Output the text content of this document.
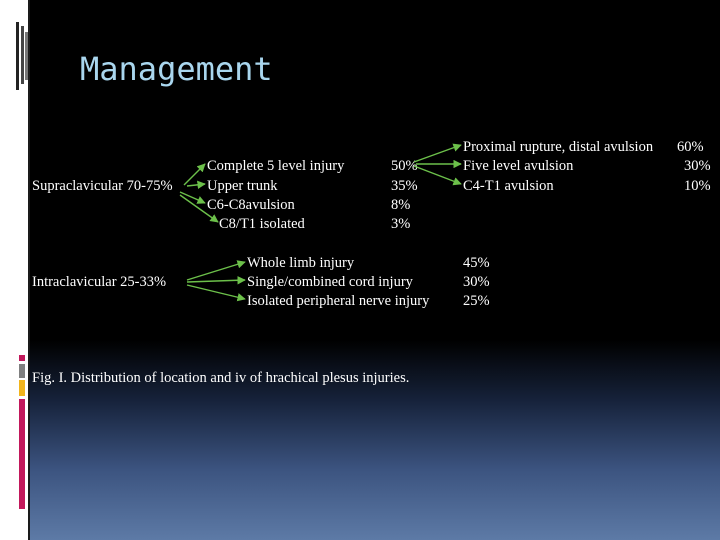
Management
Supraclavicular 70-75%
Complete 5 level injury	50%
Upper trunk	35%
C6-C8avulsion	8%
C8/T1 isolated	3%
Proximal rupture, distal avulsion 60%
Five level avulsion	30%
C4-T1 avulsion	10%
Intraclavicular 25-33%
Whole limb injury	45%
Single/combined cord injury	30%
Isolated peripheral nerve injury 25%
Fig. I. Distribution of location and iv of hrachical plesus injuries.
